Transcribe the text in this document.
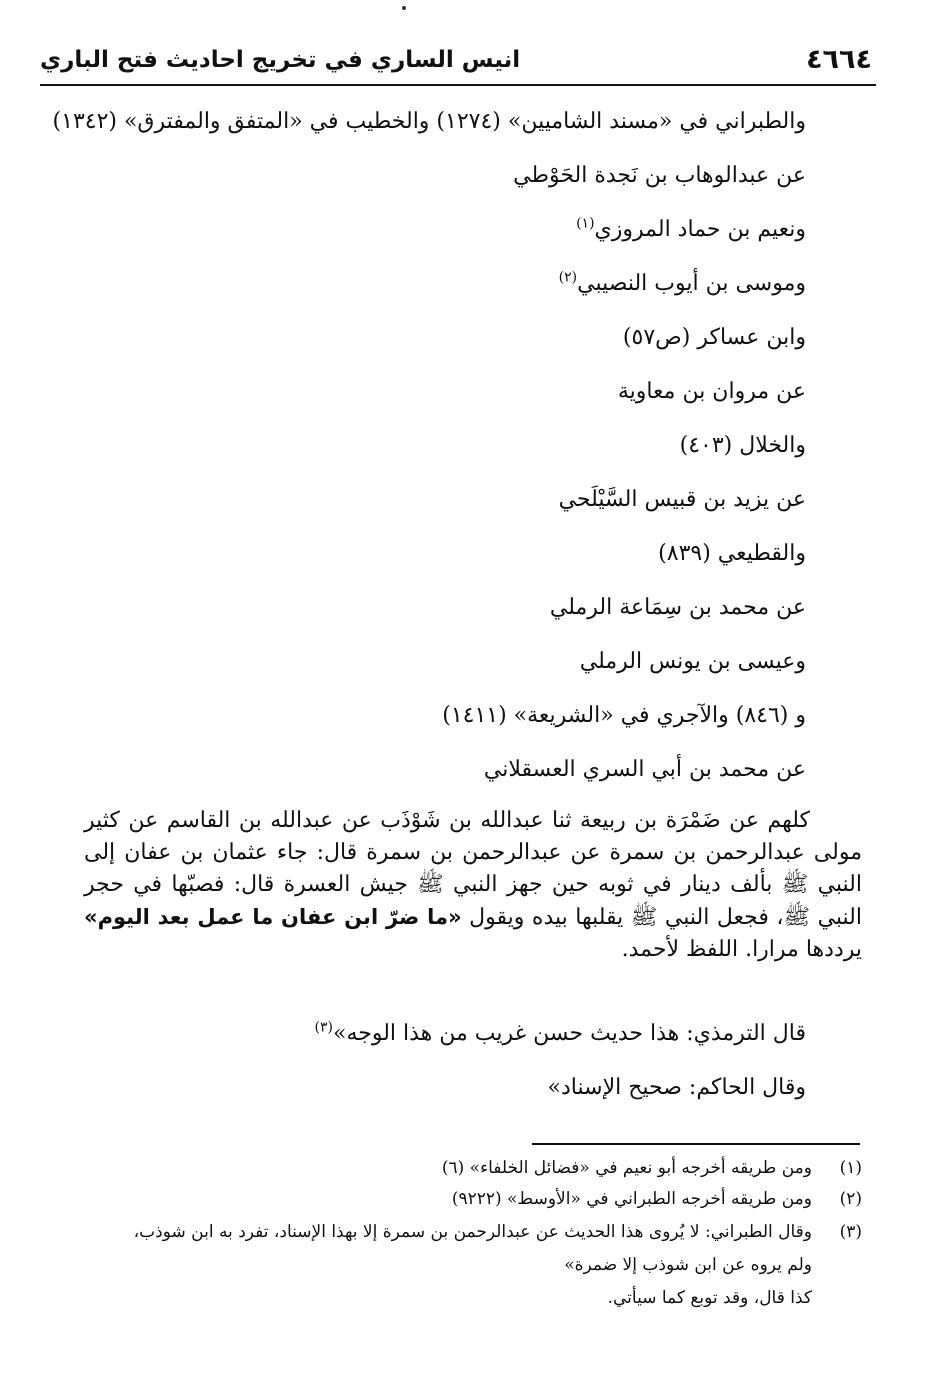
٤٦٦٤
انيس الساري في تخريج احاديث فتح الباري
والطبراني في «مسند الشاميين» (١٢٧٤) والخطيب في «المتفق والمفترق» (١٣٤٢)
عن عبدالوهاب بن نَجدة الحَوْطي
ونعيم بن حماد المروزي$^{(١)}$
وموسى بن أيوب النصيبي$^{(٢)}$
وابن عساكر (ص٥٧)
عن مروان بن معاوية
والخلال (٤٠٣)
عن يزيد بن قبيس السَّيْلَحي
والقطيعي (٨٣٩)
عن محمد بن سِمَاعة الرملي
وعيسى بن يونس الرملي
و (٨٤٦) والآجري في «الشريعة» (١٤١١)
عن محمد بن أبي السري العسقلاني
كلهم عن ضَمْرَة بن ربيعة ثنا عبدالله بن شَوْذَب عن عبدالله بن القاسم عن كثير مولى عبدالرحمن بن سمرة عن عبدالرحمن بن سمرة قال: جاء عثمان بن عفان إلى النبي ﷺ بألف دينار في ثوبه حين جهز النبي ﷺ جيش العسرة قال: فصبّها في حجر النبي ﷺ، فجعل النبي ﷺ يقلبها بيده ويقول «ما ضرّ ابن عفان ما عمل بعد اليوم» يرددها مرارا. اللفظ لأحمد.
قال الترمذي: هذا حديث حسن غريب من هذا الوجه»$^{(٣)}$
وقال الحاكم: صحيح الإسناد»
(١)
ومن طريقه أخرجه أبو نعيم في «فضائل الخلفاء» (٦)
(٢)
ومن طريقه أخرجه الطبراني في «الأوسط» (٩٢٢٢)
(٣)
وقال الطبراني: لا يُروى هذا الحديث عن عبدالرحمن بن سمرة إلا بهذا الإسناد، تفرد به ابن شوذب،
ولم يروه عن ابن شوذب إلا ضمرة»
كذا قال، وقد توبع كما سيأتي.
